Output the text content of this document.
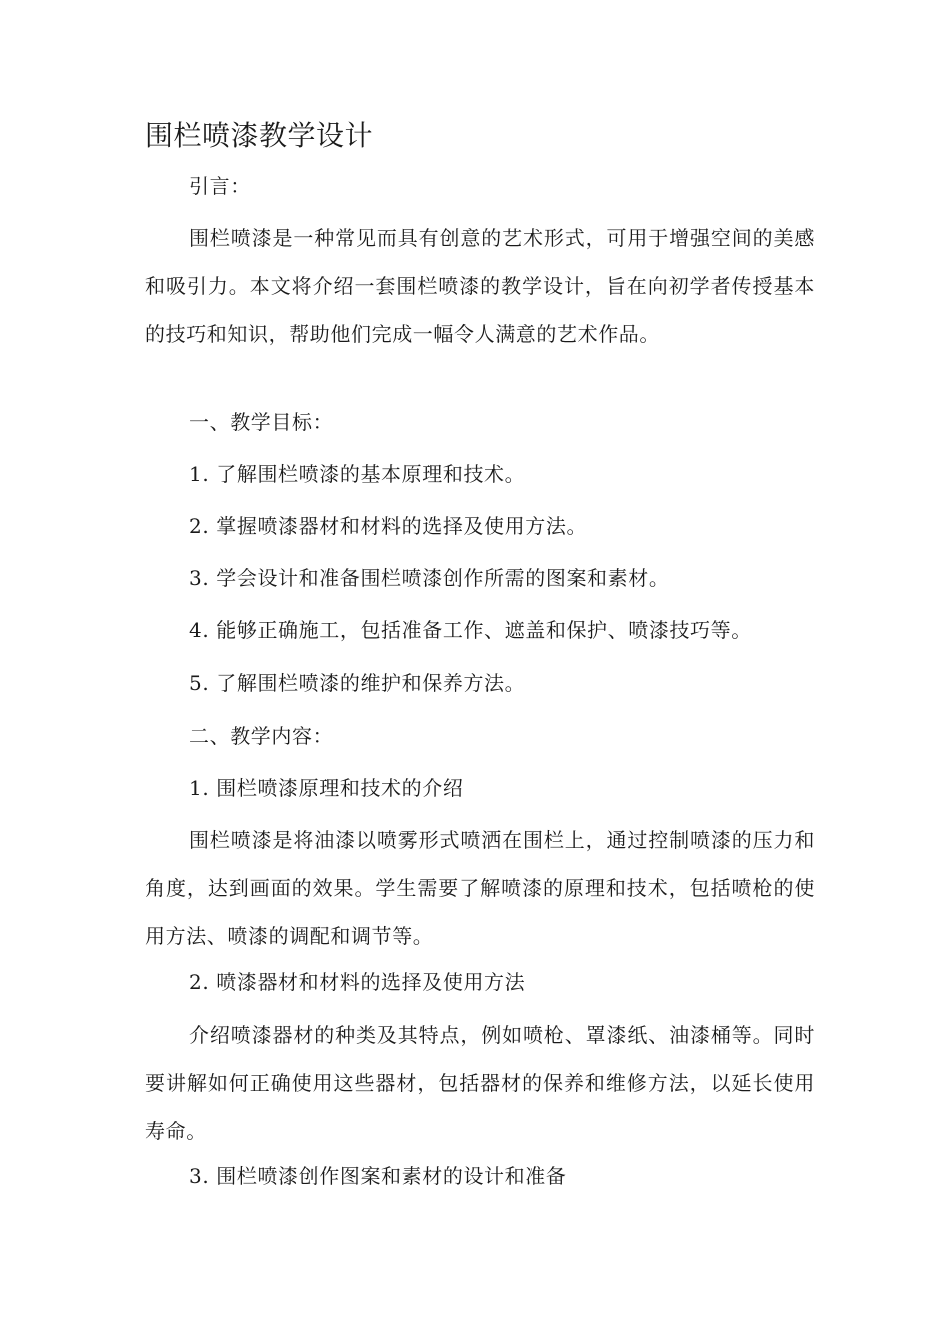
围栏喷漆教学设计

引言：

围栏喷漆是一种常见而具有创意的艺术形式，可用于增强空间的美感和吸引力。本文将介绍一套围栏喷漆的教学设计，旨在向初学者传授基本的技巧和知识，帮助他们完成一幅令人满意的艺术作品。

一、教学目标：

1. 了解围栏喷漆的基本原理和技术。

2. 掌握喷漆器材和材料的选择及使用方法。

3. 学会设计和准备围栏喷漆创作所需的图案和素材。

4. 能够正确施工，包括准备工作、遮盖和保护、喷漆技巧等。

5. 了解围栏喷漆的维护和保养方法。

二、教学内容：

1. 围栏喷漆原理和技术的介绍

围栏喷漆是将油漆以喷雾形式喷洒在围栏上，通过控制喷漆的压力和角度，达到画面的效果。学生需要了解喷漆的原理和技术，包括喷枪的使用方法、喷漆的调配和调节等。

2. 喷漆器材和材料的选择及使用方法

介绍喷漆器材的种类及其特点，例如喷枪、罩漆纸、油漆桶等。同时要讲解如何正确使用这些器材，包括器材的保养和维修方法，以延长使用寿命。

3. 围栏喷漆创作图案和素材的设计和准备
